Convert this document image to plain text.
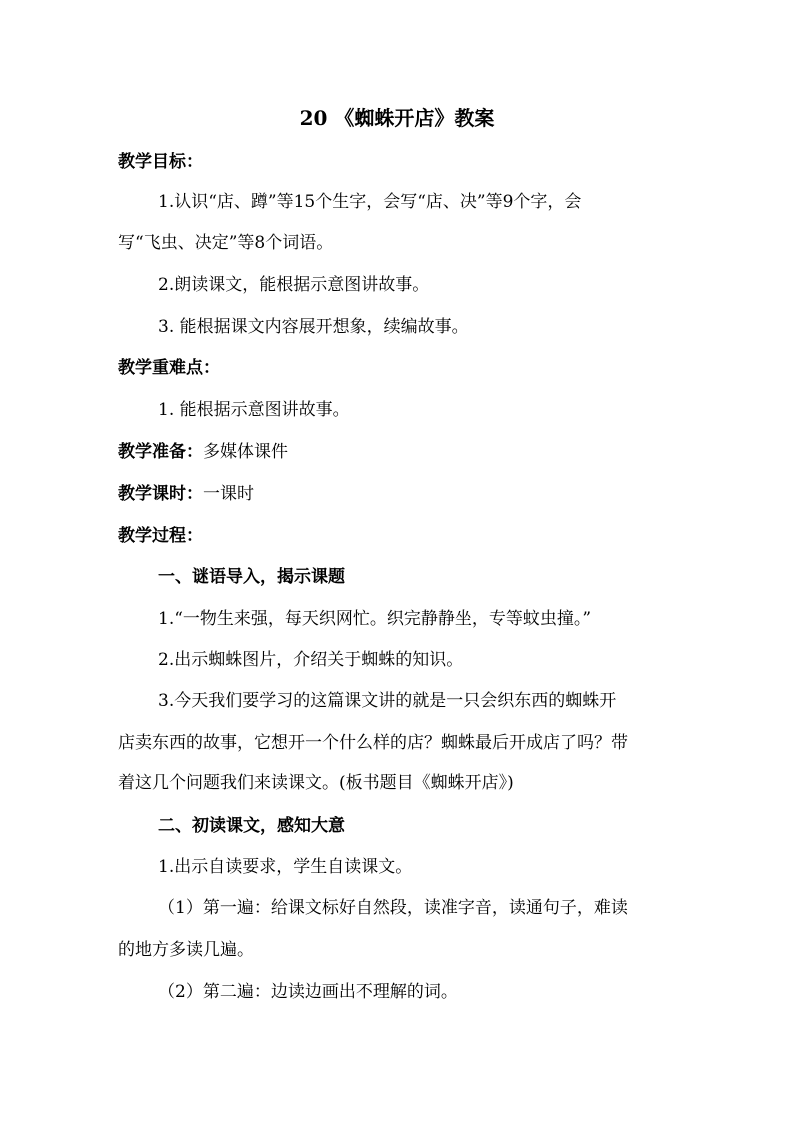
20 《蜘蛛开店》教案
教学目标：
1.认识“店、蹲”等15个生字，会写“店、决”等9个字，会
写“飞虫、决定”等8个词语。
2.朗读课文，能根据示意图讲故事。
3. 能根据课文内容展开想象，续编故事。
教学重难点：
1. 能根据示意图讲故事。
教学准备：多媒体课件
教学课时：一课时
教学过程：
一、谜语导入，揭示课题
1.“一物生来强，每天织网忙。织完静静坐，专等蚊虫撞。”
2.出示蜘蛛图片，介绍关于蜘蛛的知识。
3.今天我们要学习的这篇课文讲的就是一只会织东西的蜘蛛开
店卖东西的故事，它想开一个什么样的店？蜘蛛最后开成店了吗？带
着这几个问题我们来读课文。(板书题目《蜘蛛开店》)
二、初读课文，感知大意
1.出示自读要求，学生自读课文。
（1）第一遍：给课文标好自然段，读准字音，读通句子，难读
的地方多读几遍。
（2）第二遍：边读边画出不理解的词。
